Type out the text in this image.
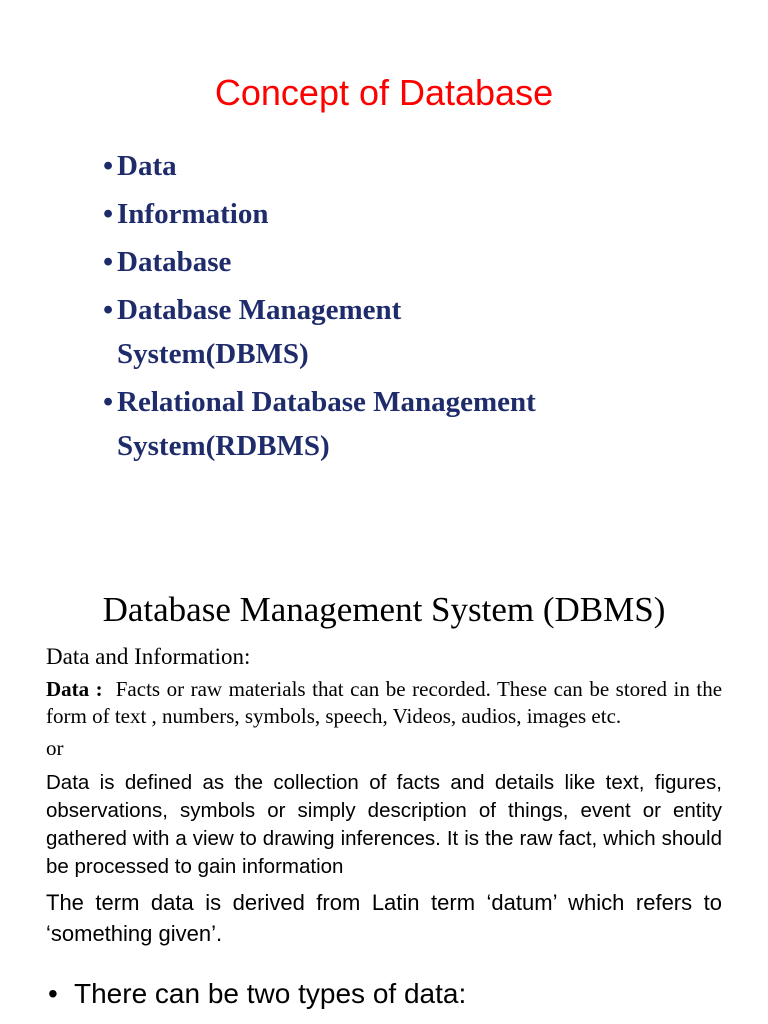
Concept of Database
• Data
• Information
• Database
• Database Management System(DBMS)
• Relational Database Management System(RDBMS)
Database Management System (DBMS)

Data and Information:

Data : Facts or raw materials that can be recorded. These can be stored in the form of text , numbers, symbols, speech, Videos, audios, images etc.

or

Data is defined as the collection of facts and details like text, figures, observations, symbols or simply description of things, event or entity gathered with a view to drawing inferences. It is the raw fact, which should be processed to gain information

The term data is derived from Latin term ‘datum’ which refers to ‘something given’.

• There can be two types of data:
